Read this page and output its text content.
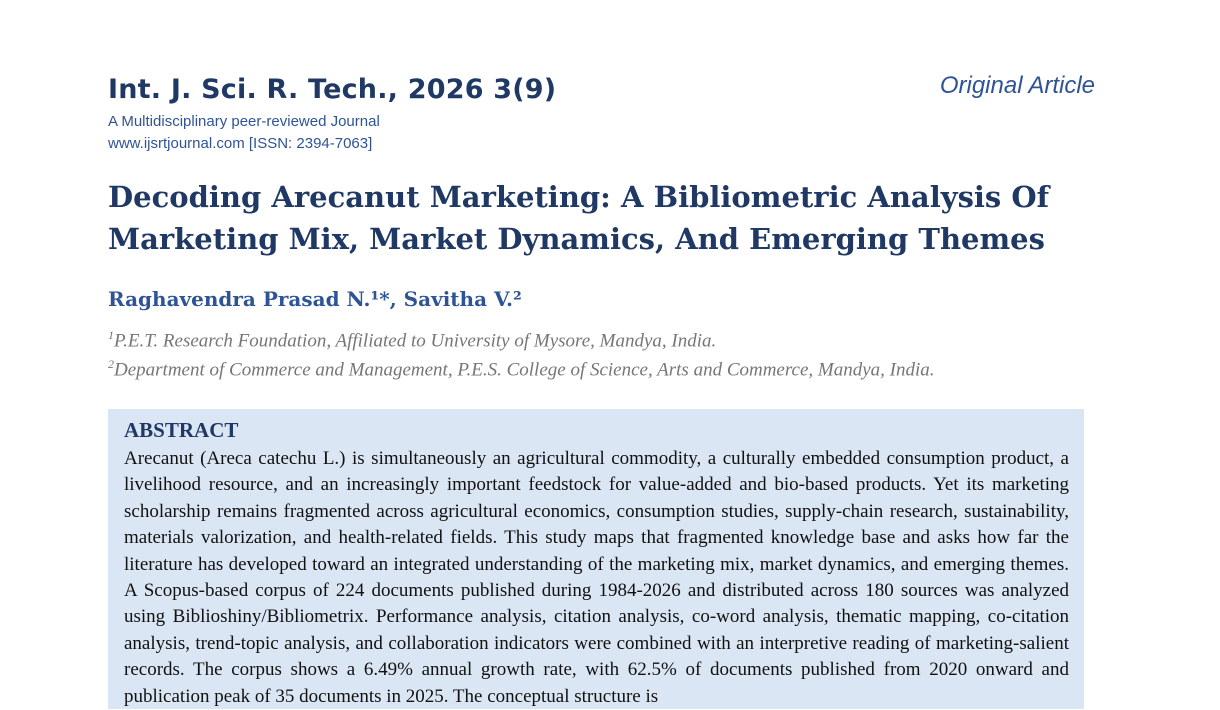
Int. J. Sci. R. Tech., 2026 3(9)	Original Article
A Multidisciplinary peer-reviewed Journal
www.ijsrtjournal.com [ISSN: 2394-7063]
Decoding Arecanut Marketing: A Bibliometric Analysis Of Marketing Mix, Market Dynamics, And Emerging Themes
Raghavendra Prasad N.¹*, Savitha V.²
$^1$P.E.T. Research Foundation, Affiliated to University of Mysore, Mandya, India.
$^2$Department of Commerce and Management, P.E.S. College of Science, Arts and Commerce, Mandya, India.
ABSTRACT

Arecanut (Areca catechu L.) is simultaneously an agricultural commodity, a culturally embedded consumption product, a livelihood resource, and an increasingly important feedstock for value-added and bio-based products. Yet its marketing scholarship remains fragmented across agricultural economics, consumption studies, supply-chain research, sustainability, materials valorization, and health-related fields. This study maps that fragmented knowledge base and asks how far the literature has developed toward an integrated understanding of the marketing mix, market dynamics, and emerging themes. A Scopus-based corpus of 224 documents published during 1984-2026 and distributed across 180 sources was analyzed using Biblioshiny/Bibliometrix. Performance analysis, citation analysis, co-word analysis, thematic mapping, co-citation analysis, trend-topic analysis, and collaboration indicators were combined with an interpretive reading of marketing-salient records. The corpus shows a 6.49% annual growth rate, with 62.5% of documents published from 2020 onward and publication peak of 35 documents in 2025. The conceptual structure is
